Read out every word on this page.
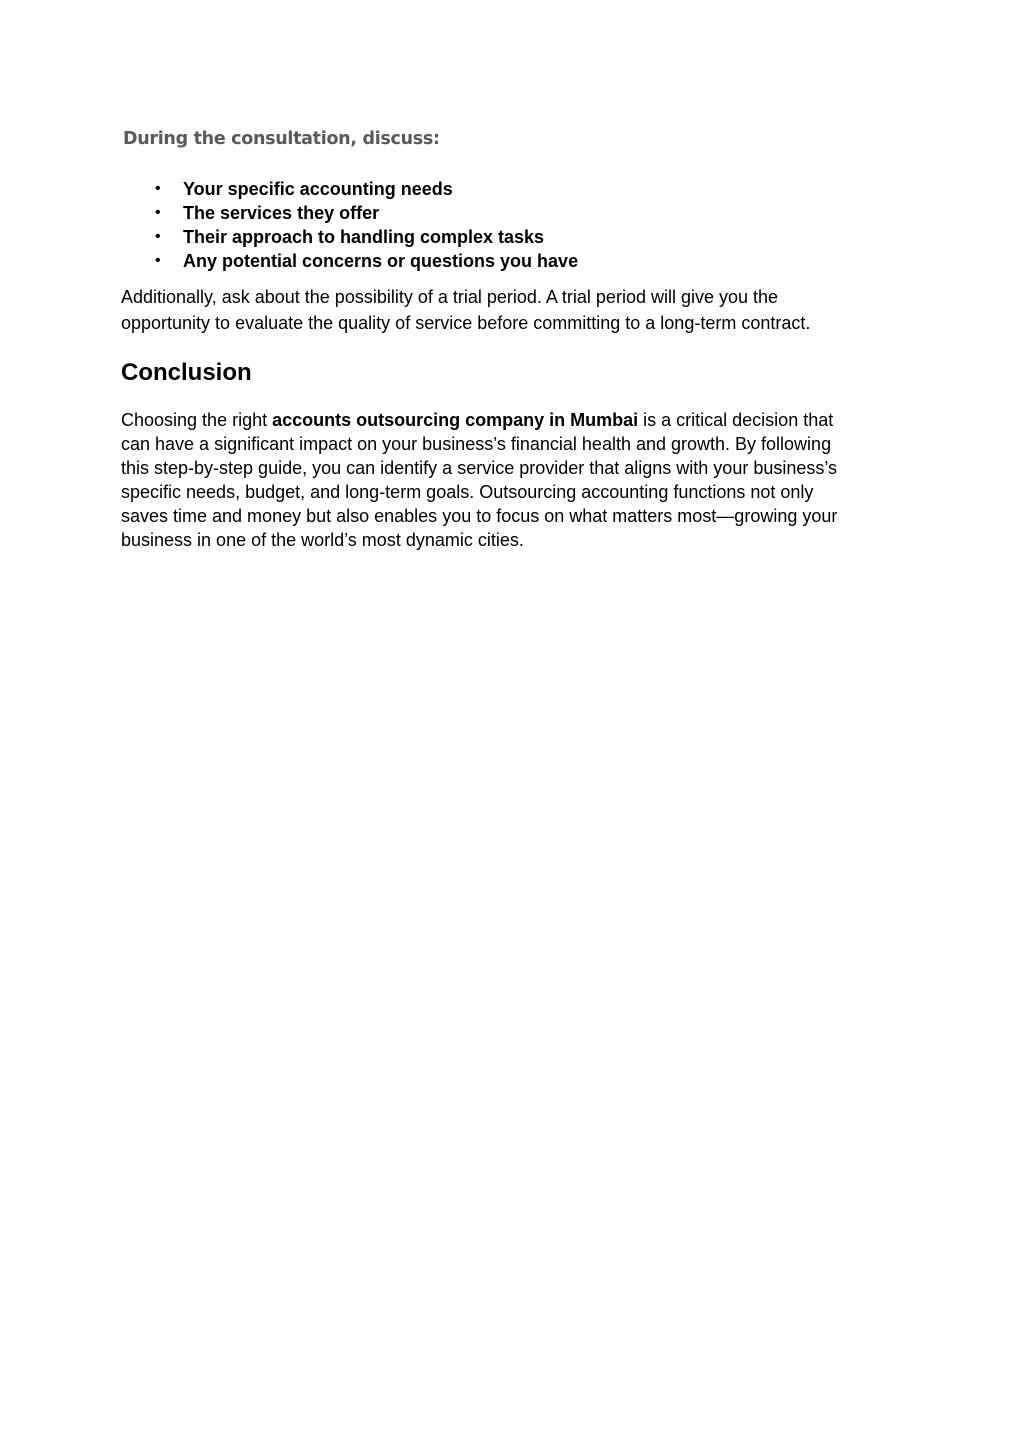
During the consultation, discuss:
• Your specific accounting needs
• The services they offer
• Their approach to handling complex tasks
• Any potential concerns or questions you have

Additionally, ask about the possibility of a trial period. A trial period will give you the
opportunity to evaluate the quality of service before committing to a long-term contract.

Conclusion

Choosing the right accounts outsourcing company in Mumbai is a critical decision that
can have a significant impact on your business’s financial health and growth. By following
this step-by-step guide, you can identify a service provider that aligns with your business’s
specific needs, budget, and long-term goals. Outsourcing accounting functions not only
saves time and money but also enables you to focus on what matters most—growing your
business in one of the world’s most dynamic cities.
